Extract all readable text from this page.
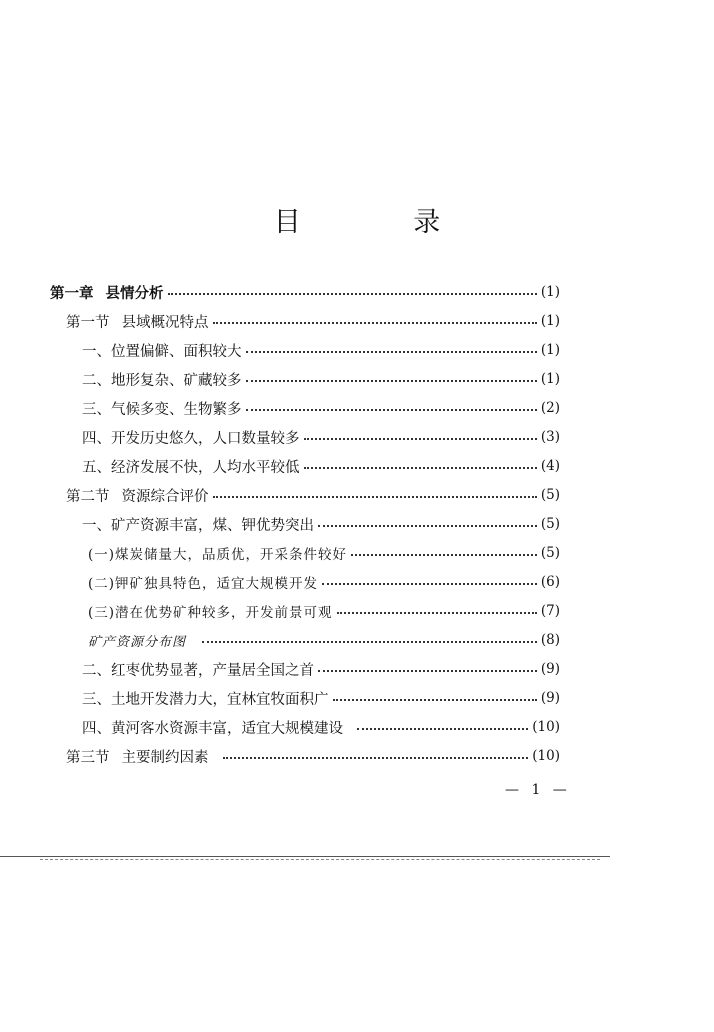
目 录
第一章 县情分析	(1)
第一节 县域概况特点	(1)
一、位置偏僻、面积较大	(1)
二、地形复杂、矿藏较多	(1)
三、气候多变、生物繁多	(2)
四、开发历史悠久，人口数量较多	(3)
五、经济发展不快，人均水平较低	(4)
第二节 资源综合评价	(5)
一、矿产资源丰富，煤、钾优势突出	(5)
(一)煤炭储量大，品质优，开采条件较好	(5)
(二)钾矿独具特色，适宜大规模开发	(6)
(三)潜在优势矿种较多，开发前景可观	(7)
矿产资源分布图	(8)
二、红枣优势显著，产量居全国之首	(9)
三、土地开发潜力大，宜林宜牧面积广	(9)
四、黄河客水资源丰富，适宜大规模建设	(10)
第三节 主要制约因素	(10)
— 1 —
